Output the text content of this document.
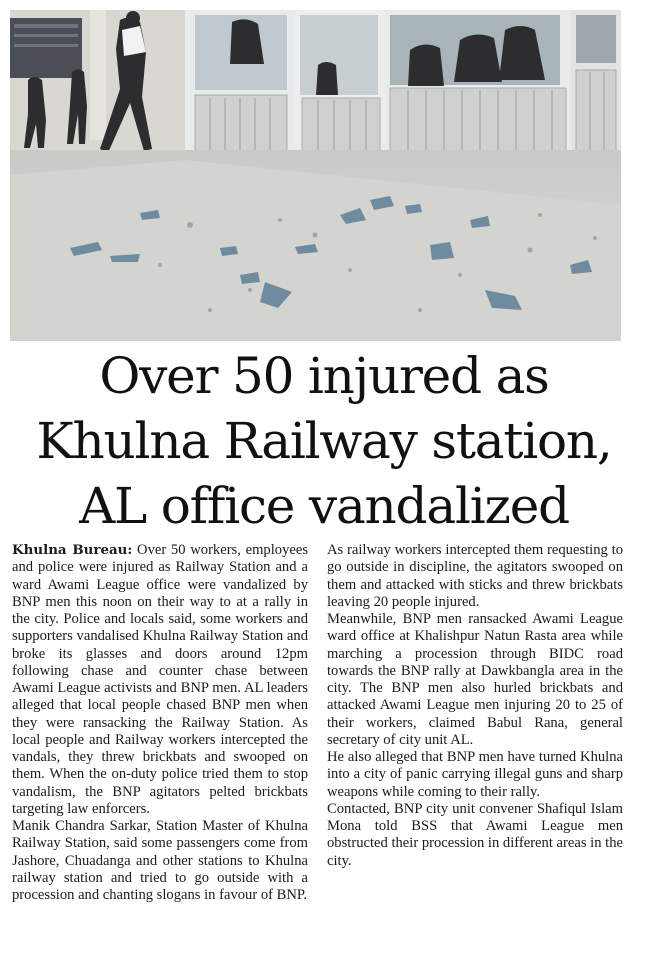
Over 50 injured as
Khulna Railway station,
AL office vandalized

Khulna Bureau: Over 50 workers, employees and police were injured as Railway Station and a ward Awami League office were vandalized by BNP men this noon on their way to at a rally in the city. Police and locals said, some workers and supporters vandalised Khulna Railway Station and broke its glasses and doors around 12pm following chase and counter chase between Awami League activists and BNP men. AL leaders alleged that local people chased BNP men when they were ransacking the Railway Station. As local people and Railway workers intercepted the vandals, they threw brickbats and swooped on them. When the on-duty police tried them to stop vandalism, the BNP agitators pelted brickbats targeting law enforcers.

Manik Chandra Sarkar, Station Master of Khulna Railway Station, said some passengers come from Jashore, Chuadanga and other stations to Khulna railway station and tried to go outside with a procession and chanting slogans in favour of BNP.

As railway workers intercepted them requesting to go outside in discipline, the agitators swooped on them and attacked with sticks and threw brickbats leaving 20 people injured.

Meanwhile, BNP men ransacked Awami League ward office at Khalishpur Natun Rasta area while marching a procession through BIDC road towards the BNP rally at Dawkbangla area in the city. The BNP men also hurled brickbats and attacked Awami League men injuring 20 to 25 of their workers, claimed Babul Rana, general secretary of city unit AL.

He also alleged that BNP men have turned Khulna into a city of panic carrying illegal guns and sharp weapons while coming to their rally.

Contacted, BNP city unit convener Shafiqul Islam Mona told BSS that Awami League men obstructed their procession in different areas in the city.
